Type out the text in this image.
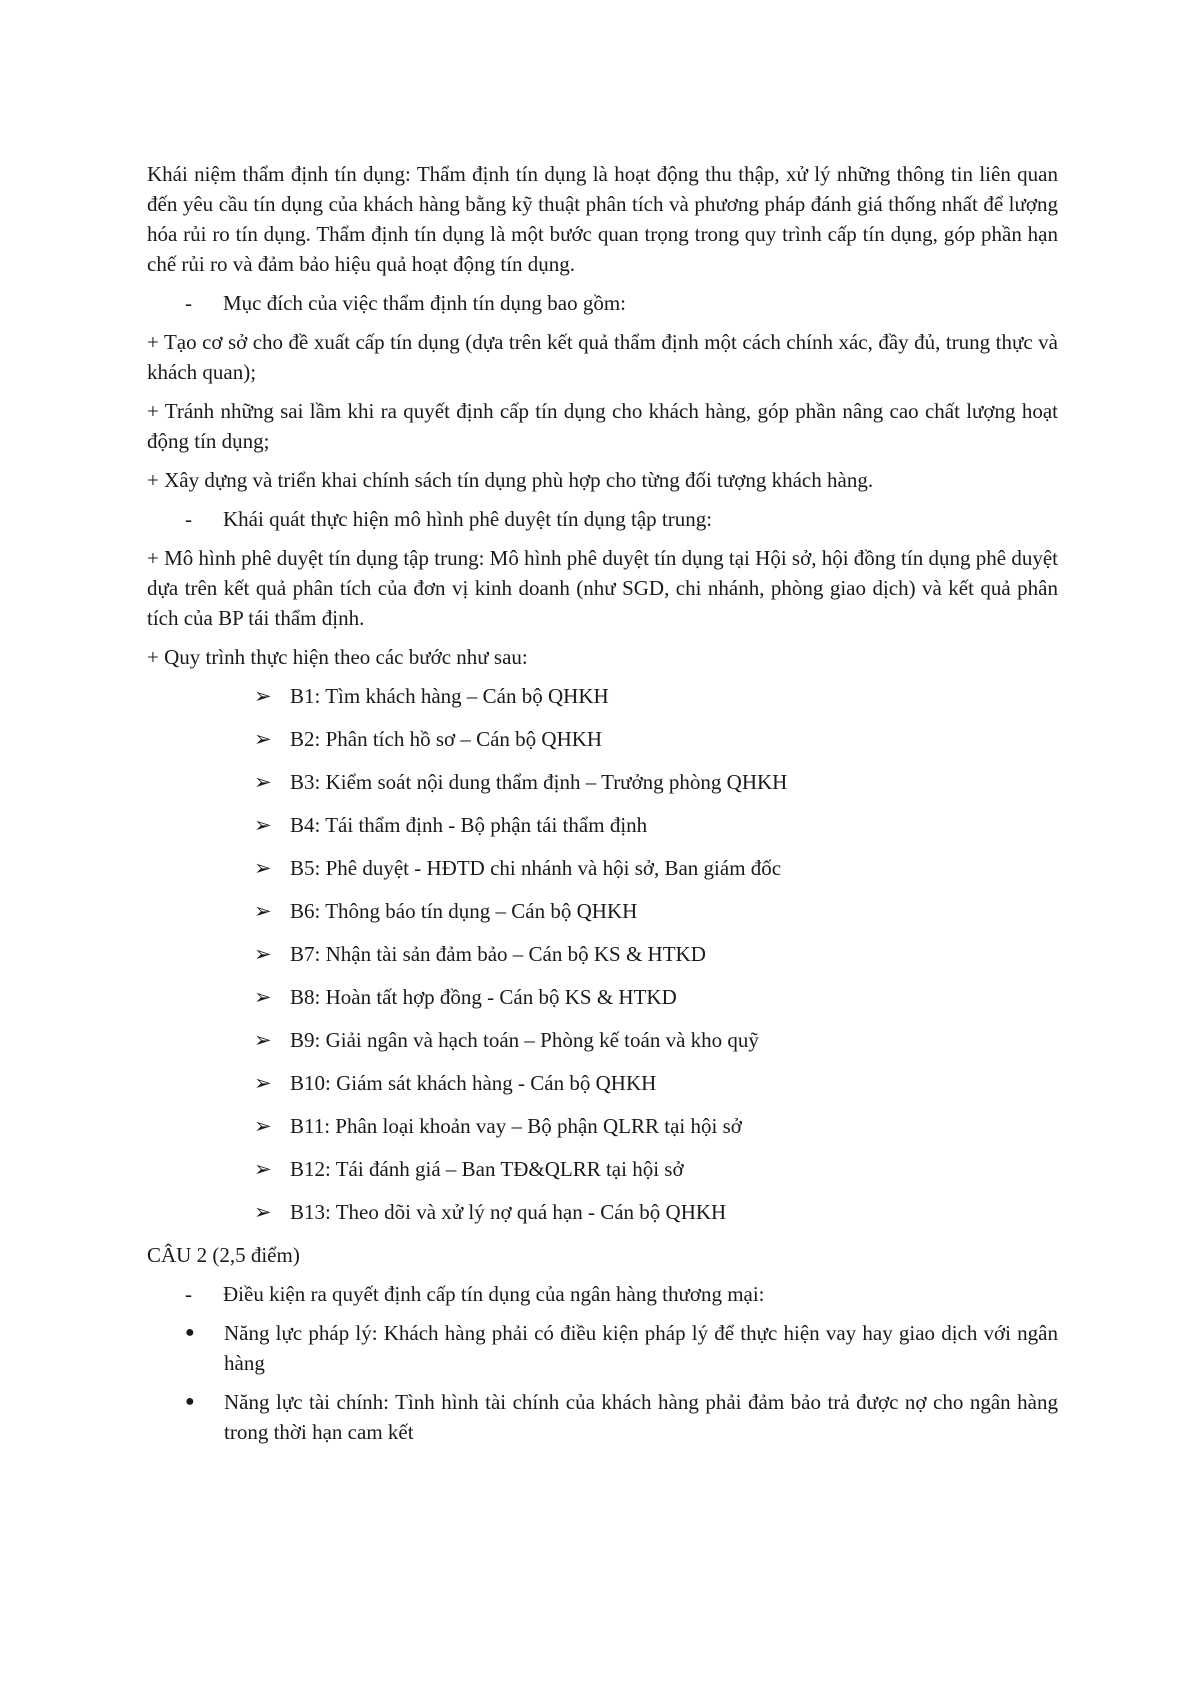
Khái niệm thẩm định tín dụng: Thẩm định tín dụng là hoạt động thu thập, xử lý những thông tin liên quan đến yêu cầu tín dụng của khách hàng bằng kỹ thuật phân tích và phương pháp đánh giá thống nhất để lượng hóa rủi ro tín dụng. Thẩm định tín dụng là một bước quan trọng trong quy trình cấp tín dụng, góp phần hạn chế rủi ro và đảm bảo hiệu quả hoạt động tín dụng.

-	Mục đích của việc thẩm định tín dụng bao gồm:

+ Tạo cơ sở cho đề xuất cấp tín dụng (dựa trên kết quả thẩm định một cách chính xác, đầy đủ, trung thực và khách quan);

+ Tránh những sai lầm khi ra quyết định cấp tín dụng cho khách hàng, góp phần nâng cao chất lượng hoạt động tín dụng;

+ Xây dựng và triển khai chính sách tín dụng phù hợp cho từng đối tượng khách hàng.

-	Khái quát thực hiện mô hình phê duyệt tín dụng tập trung:

+ Mô hình phê duyệt tín dụng tập trung: Mô hình phê duyệt tín dụng tại Hội sở, hội đồng tín dụng phê duyệt dựa trên kết quả phân tích của đơn vị kinh doanh (như SGD, chi nhánh, phòng giao dịch) và kết quả phân tích của BP tái thẩm định.

+ Quy trình thực hiện theo các bước như sau:

➢ B1: Tìm khách hàng – Cán bộ QHKH
➢ B2: Phân tích hồ sơ – Cán bộ QHKH
➢ B3: Kiểm soát nội dung thẩm định – Trưởng phòng QHKH
➢ B4: Tái thẩm định - Bộ phận tái thẩm định
➢ B5: Phê duyệt - HĐTD chi nhánh và hội sở, Ban giám đốc
➢ B6: Thông báo tín dụng – Cán bộ QHKH
➢ B7: Nhận tài sản đảm bảo – Cán bộ KS & HTKD
➢ B8: Hoàn tất hợp đồng - Cán bộ KS & HTKD
➢ B9: Giải ngân và hạch toán – Phòng kế toán và kho quỹ
➢ B10: Giám sát khách hàng - Cán bộ QHKH
➢ B11: Phân loại khoản vay – Bộ phận QLRR tại hội sở
➢ B12: Tái đánh giá – Ban TĐ&QLRR tại hội sở
➢ B13: Theo dõi và xử lý nợ quá hạn - Cán bộ QHKH

CÂU 2 (2,5 điểm)

-	Điều kiện ra quyết định cấp tín dụng của ngân hàng thương mại:
●	Năng lực pháp lý: Khách hàng phải có điều kiện pháp lý để thực hiện vay hay giao dịch với ngân hàng
●	Năng lực tài chính: Tình hình tài chính của khách hàng phải đảm bảo trả được nợ cho ngân hàng trong thời hạn cam kết
